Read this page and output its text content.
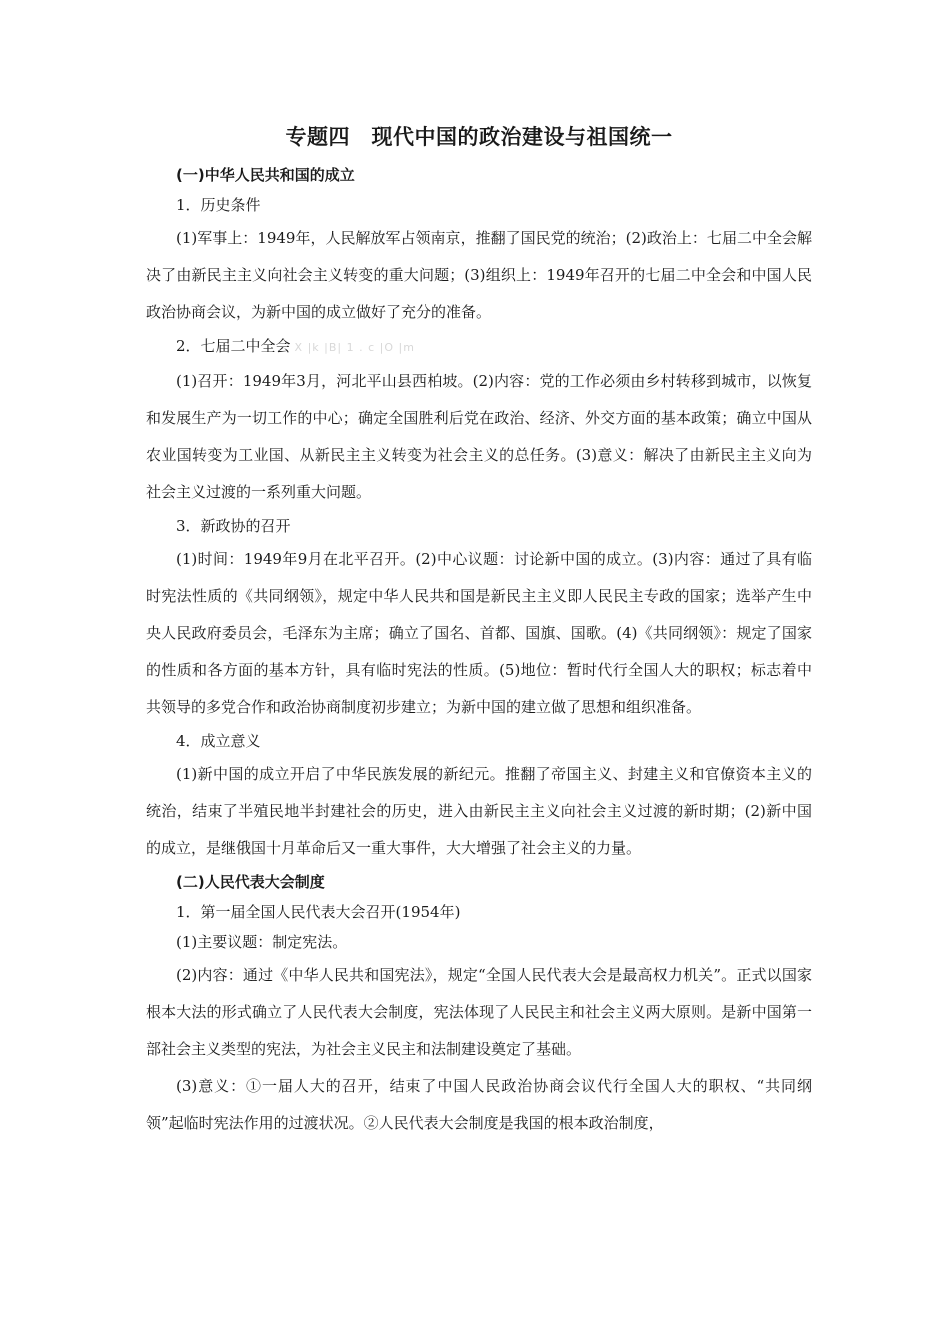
专题四　现代中国的政治建设与祖国统一

(一)中华人民共和国的成立

1．历史条件

(1)军事上：1949年，人民解放军占领南京，推翻了国民党的统治；(2)政治上：七届二中全会解决了由新民主主义向社会主义转变的重大问题；(3)组织上：1949年召开的七届二中全会和中国人民政治协商会议，为新中国的成立做好了充分的准备。

2．七届二中全会 X |k |B| 1 . c |O |m

(1)召开：1949年3月，河北平山县西柏坡。(2)内容：党的工作必须由乡村转移到城市，以恢复和发展生产为一切工作的中心；确定全国胜利后党在政治、经济、外交方面的基本政策；确立中国从农业国转变为工业国、从新民主主义转变为社会主义的总任务。(3)意义：解决了由新民主主义向为社会主义过渡的一系列重大问题。

3．新政协的召开

(1)时间：1949年9月在北平召开。(2)中心议题：讨论新中国的成立。(3)内容：通过了具有临时宪法性质的《共同纲领》，规定中华人民共和国是新民主主义即人民民主专政的国家；选举产生中央人民政府委员会，毛泽东为主席；确立了国名、首都、国旗、国歌。(4)《共同纲领》：规定了国家的性质和各方面的基本方针，具有临时宪法的性质。(5)地位：暂时代行全国人大的职权；标志着中共领导的多党合作和政治协商制度初步建立；为新中国的建立做了思想和组织准备。

4．成立意义

(1)新中国的成立开启了中华民族发展的新纪元。推翻了帝国主义、封建主义和官僚资本主义的统治，结束了半殖民地半封建社会的历史，进入由新民主主义向社会主义过渡的新时期；(2)新中国的成立，是继俄国十月革命后又一重大事件，大大增强了社会主义的力量。

(二)人民代表大会制度

1．第一届全国人民代表大会召开(1954年)

(1)主要议题：制定宪法。

(2)内容：通过《中华人民共和国宪法》，规定“全国人民代表大会是最高权力机关”。正式以国家根本大法的形式确立了人民代表大会制度，宪法体现了人民民主和社会主义两大原则。是新中国第一部社会主义类型的宪法，为社会主义民主和法制建设奠定了基础。

(3)意义：①一届人大的召开，结束了中国人民政治协商会议代行全国人大的职权、“共同纲领”起临时宪法作用的过渡状况。②人民代表大会制度是我国的根本政治制度，
